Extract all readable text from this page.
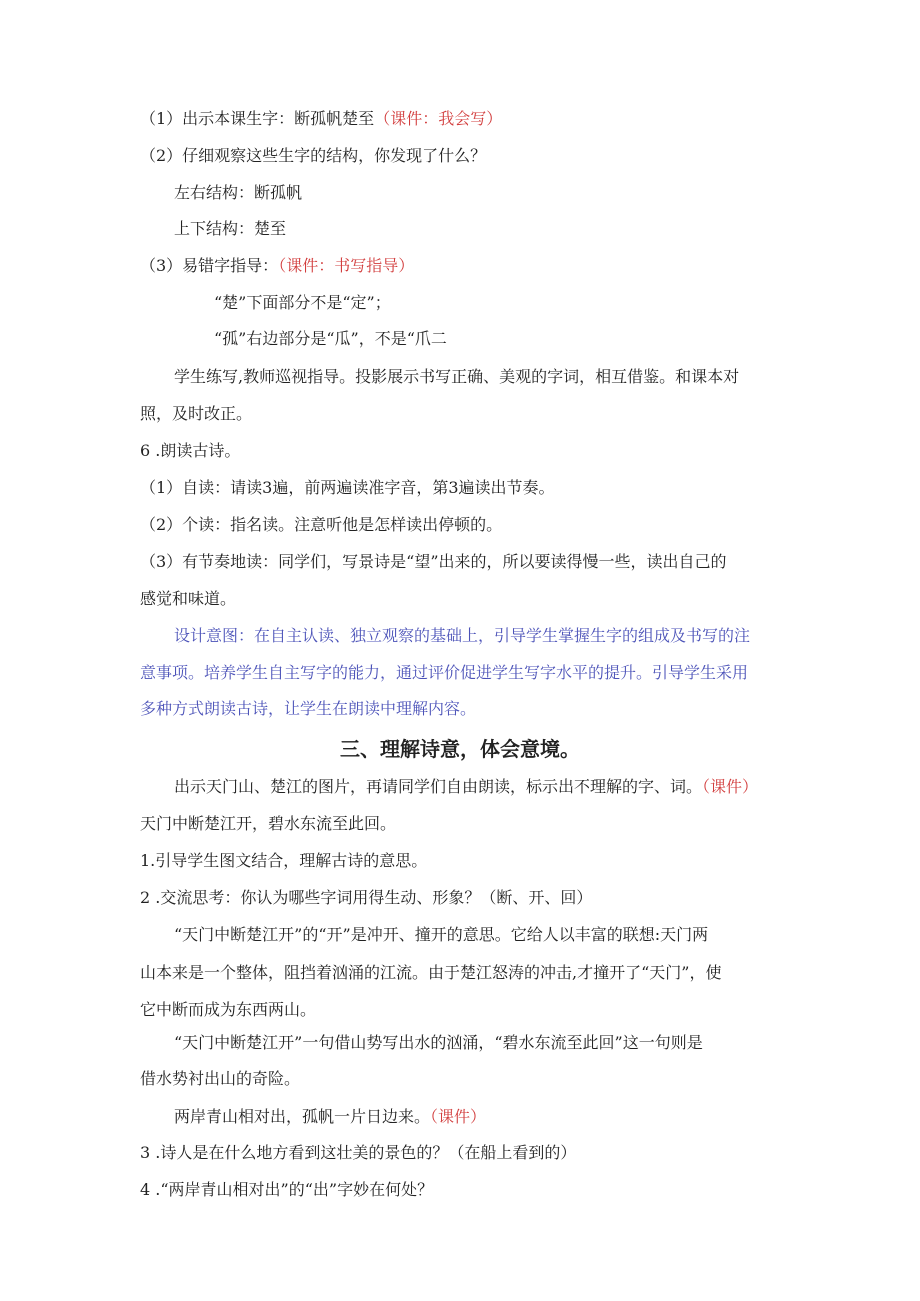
（1）出示本课生字：断孤帆楚至（课件：我会写）
（2）仔细观察这些生字的结构，你发现了什么？
左右结构：断孤帆
上下结构：楚至
（3）易错字指导：（课件：书写指导）
“楚”下面部分不是“定”；
“孤”右边部分是“瓜”，不是“爪二
学生练写,教师巡视指导。投影展示书写正确、美观的字词，相互借鉴。和课本对
照，及时改正。
6 .朗读古诗。
（1）自读：请读3遍，前两遍读准字音，第3遍读出节奏。
（2）个读：指名读。注意听他是怎样读出停顿的。
（3）有节奏地读：同学们，写景诗是“望”出来的，所以要读得慢一些，读出自己的
感觉和味道。
设计意图：在自主认读、独立观察的基础上，引导学生掌握生字的组成及书写的注
意事项。培养学生自主写字的能力，通过评价促进学生写字水平的提升。引导学生采用
多种方式朗读古诗，让学生在朗读中理解内容。
三、理解诗意，体会意境。
出示天门山、楚江的图片，再请同学们自由朗读，标示出不理解的字、词。（课件）
天门中断楚江开，碧水东流至此回。
1.引导学生图文结合，理解古诗的意思。
2 .交流思考：你认为哪些字词用得生动、形象？（断、开、回）
“天门中断楚江开”的“开”是冲开、撞开的意思。它给人以丰富的联想:天门两
山本来是一个整体，阻挡着汹涌的江流。由于楚江怒涛的冲击,才撞开了“天门”，使
它中断而成为东西两山。
“天门中断楚江开”一句借山势写出水的汹涌，“碧水东流至此回”这一句则是
借水势衬出山的奇险。
两岸青山相对出，孤帆一片日边来。（课件）
3 .诗人是在什么地方看到这壮美的景色的？（在船上看到的）
4 .“两岸青山相对出”的“出”字妙在何处？
